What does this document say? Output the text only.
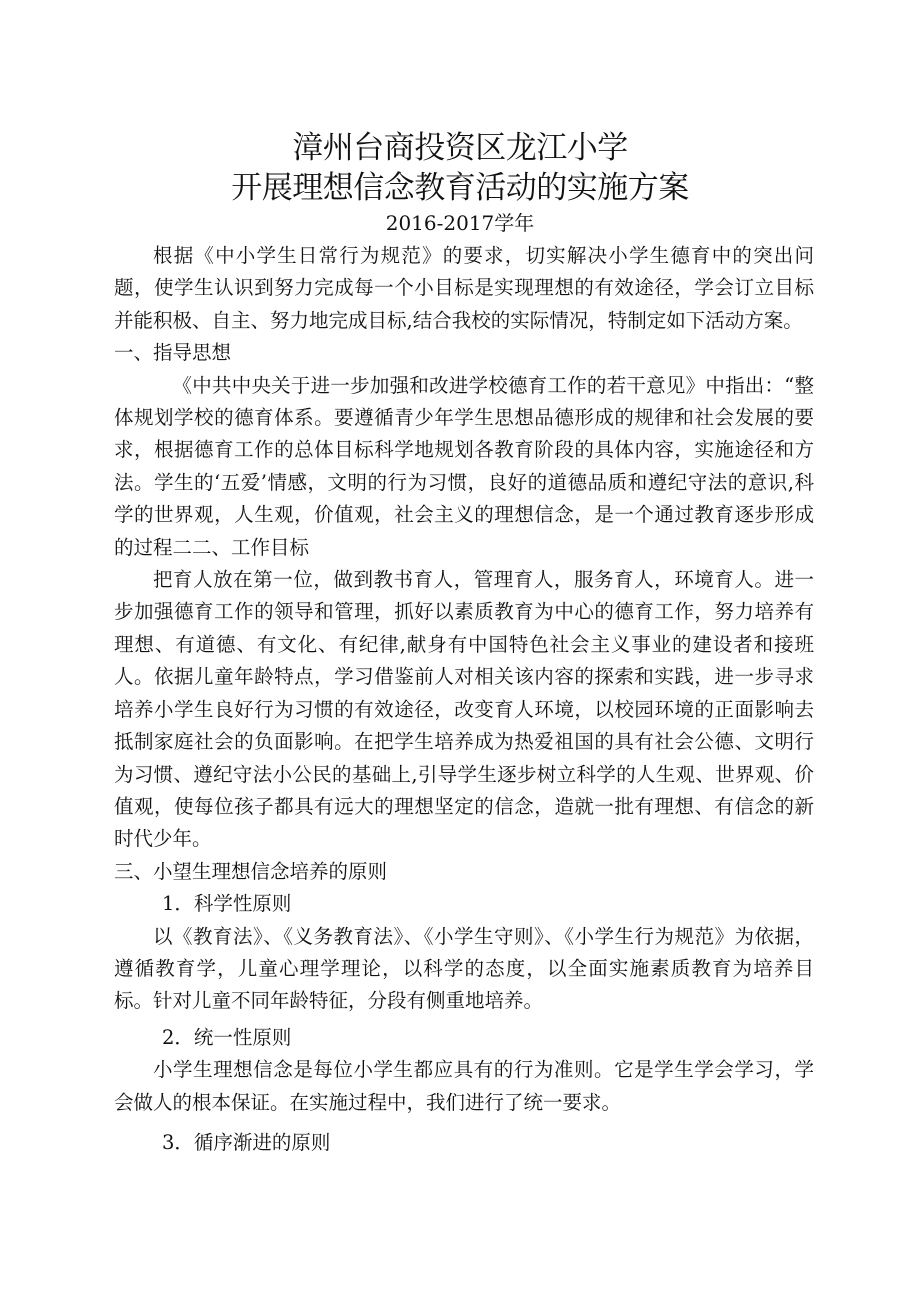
漳州台商投资区龙江小学
开展理想信念教育活动的实施方案
2016-2017学年

根据《中小学生日常行为规范》的要求，切实解决小学生德育中的突出问题，使学生认识到努力完成每一个小目标是实现理想的有效途径，学会订立目标并能积极、自主、努力地完成目标,结合我校的实际情况，特制定如下活动方案。

一、指导思想

《中共中央关于进一步加强和改进学校德育工作的若干意见》中指出：“整体规划学校的德育体系。要遵循青少年学生思想品德形成的规律和社会发展的要求，根据德育工作的总体目标科学地规划各教育阶段的具体内容，实施途径和方法。学生的‘五爱’情感，文明的行为习惯，良好的道德品质和遵纪守法的意识,科学的世界观，人生观，价值观，社会主义的理想信念，是一个通过教育逐步形成的过程二二、工作目标

把育人放在第一位，做到教书育人，管理育人，服务育人，环境育人。进一步加强德育工作的领导和管理，抓好以素质教育为中心的德育工作，努力培养有理想、有道德、有文化、有纪律,献身有中国特色社会主义事业的建设者和接班人。依据儿童年龄特点，学习借鉴前人对相关该内容的探索和实践，进一步寻求培养小学生良好行为习惯的有效途径，改变育人环境，以校园环境的正面影响去抵制家庭社会的负面影响。在把学生培养成为热爱祖国的具有社会公德、文明行为习惯、遵纪守法小公民的基础上,引导学生逐步树立科学的人生观、世界观、价值观，使每位孩子都具有远大的理想坚定的信念，造就一批有理想、有信念的新时代少年。

三、小望生理想信念培养的原则

1．科学性原则

以《教育法》、《义务教育法》、《小学生守则》、《小学生行为规范》为依据，遵循教育学，儿童心理学理论，以科学的态度，以全面实施素质教育为培养目标。针对儿童不同年龄特征，分段有侧重地培养。

2．统一性原则

小学生理想信念是每位小学生都应具有的行为准则。它是学生学会学习，学会做人的根本保证。在实施过程中，我们进行了统一要求。

3．循序渐进的原则
